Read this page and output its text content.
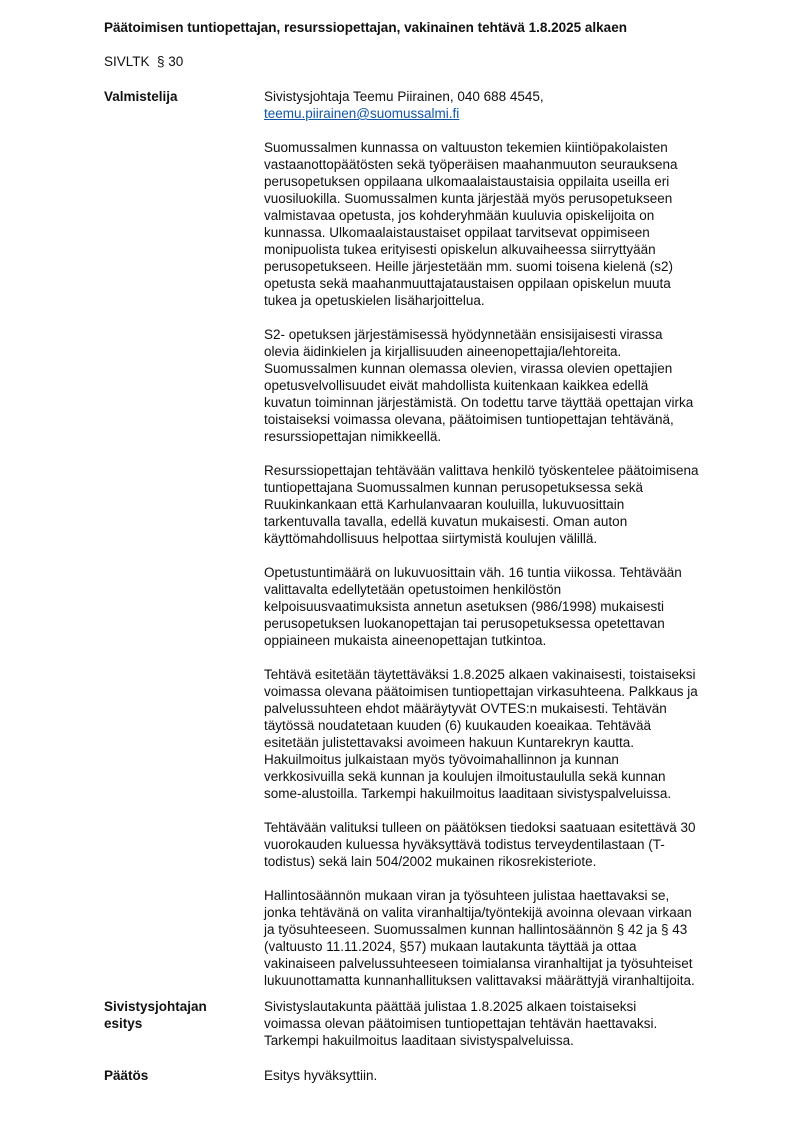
Päätoimisen tuntiopettajan, resurssiopettajan, vakinainen tehtävä 1.8.2025 alkaen
SIVLTK  § 30
Valmistelija	Sivistysjohtaja Teemu Piirainen, 040 688 4545,
teemu.piirainen@suomussalmi.fi

Suomussalmen kunnassa on valtuuston tekemien kiintiöpakolaisten
vastaanottopäätösten sekä työperäisen maahanmuuton seurauksena
perusopetuksen oppilaana ulkomaalaistaustaisia oppilaita useilla eri
vuosiluokilla. Suomussalmen kunta järjestää myös perusopetukseen
valmistavaa opetusta, jos kohderyhmään kuuluvia opiskelijoita on
kunnassa. Ulkomaalaistaustaiset oppilaat tarvitsevat oppimiseen
monipuolista tukea erityisesti opiskelun alkuvaiheessa siirryttyään
perusopetukseen. Heille järjestetään mm. suomi toisena kielenä (s2)
opetusta sekä maahanmuuttajataustaisen oppilaan opiskelun muuta
tukea ja opetuskielen lisäharjoittelua.

S2- opetuksen järjestämisessä hyödynnetään ensisijaisesti virassa
olevia äidinkielen ja kirjallisuuden aineenopettajia/lehtoreita.
Suomussalmen kunnan olemassa olevien, virassa olevien opettajien
opetusvelvollisuudet eivät mahdollista kuitenkaan kaikkea edellä
kuvatun toiminnan järjestämistä. On todettu tarve täyttää opettajan virka
toistaiseksi voimassa olevana, päätoimisen tuntiopettajan tehtävänä,
resurssiopettajan nimikkeellä.

Resurssiopettajan tehtävään valittava henkilö työskentelee päätoimisena
tuntiopettajana Suomussalmen kunnan perusopetuksessa sekä
Ruukinkankaan että Karhulanvaaran kouluilla, lukuvuosittain
tarkentuvalla tavalla, edellä kuvatun mukaisesti. Oman auton
käyttömahdollisuus helpottaa siirtymistä koulujen välillä.

Opetustuntimäärä on lukuvuosittain väh. 16 tuntia viikossa. Tehtävään
valittavalta edellytetään opetustoimen henkilöstön
kelpoisuusvaatimuksista annetun asetuksen (986/1998) mukaisesti
perusopetuksen luokanopettajan tai perusopetuksessa opetettavan
oppiaineen mukaista aineenopettajan tutkintoa.

Tehtävä esitetään täytettäväksi 1.8.2025 alkaen vakinaisesti, toistaiseksi
voimassa olevana päätoimisen tuntiopettajan virkasuhteena. Palkkaus ja
palvelussuhteen ehdot määräytyvät OVTES:n mukaisesti. Tehtävän
täytössä noudatetaan kuuden (6) kuukauden koeaikaa. Tehtävää
esitetään julistettavaksi avoimeen hakuun Kuntarekryn kautta.
Hakuilmoitus julkaistaan myös työvoimahallinnon ja kunnan
verkkosivuilla sekä kunnan ja koulujen ilmoitustaululla sekä kunnan
some-alustoilla. Tarkempi hakuilmoitus laaditaan sivistyspalveluissa.

Tehtävään valituksi tulleen on päätöksen tiedoksi saatuaan esitettävä 30
vuorokauden kuluessa hyväksyttävä todistus terveydentilastaan (T-
todistus) sekä lain 504/2002 mukainen rikosrekisteriote.

Hallintosäännön mukaan viran ja työsuhteen julistaa haettavaksi se,
jonka tehtävänä on valita viranhaltija/työntekijä avoinna olevaan virkaan
ja työsuhteeseen. Suomussalmen kunnan hallintosäännön § 42 ja § 43
(valtuusto 11.11.2024, §57) mukaan lautakunta täyttää ja ottaa
vakinaiseen palvelussuhteeseen toimialansa viranhaltijat ja työsuhteiset
lukuunottamatta kunnanhallituksen valittavaksi määrättyjä viranhaltijoita.

Sivistysjohtajan
esitys
Sivistyslautakunta päättää julistaa 1.8.2025 alkaen toistaiseksi
voimassa olevan päätoimisen tuntiopettajan tehtävän haettavaksi.
Tarkempi hakuilmoitus laaditaan sivistyspalveluissa.
Päätös	Esitys hyväksyttiin.
